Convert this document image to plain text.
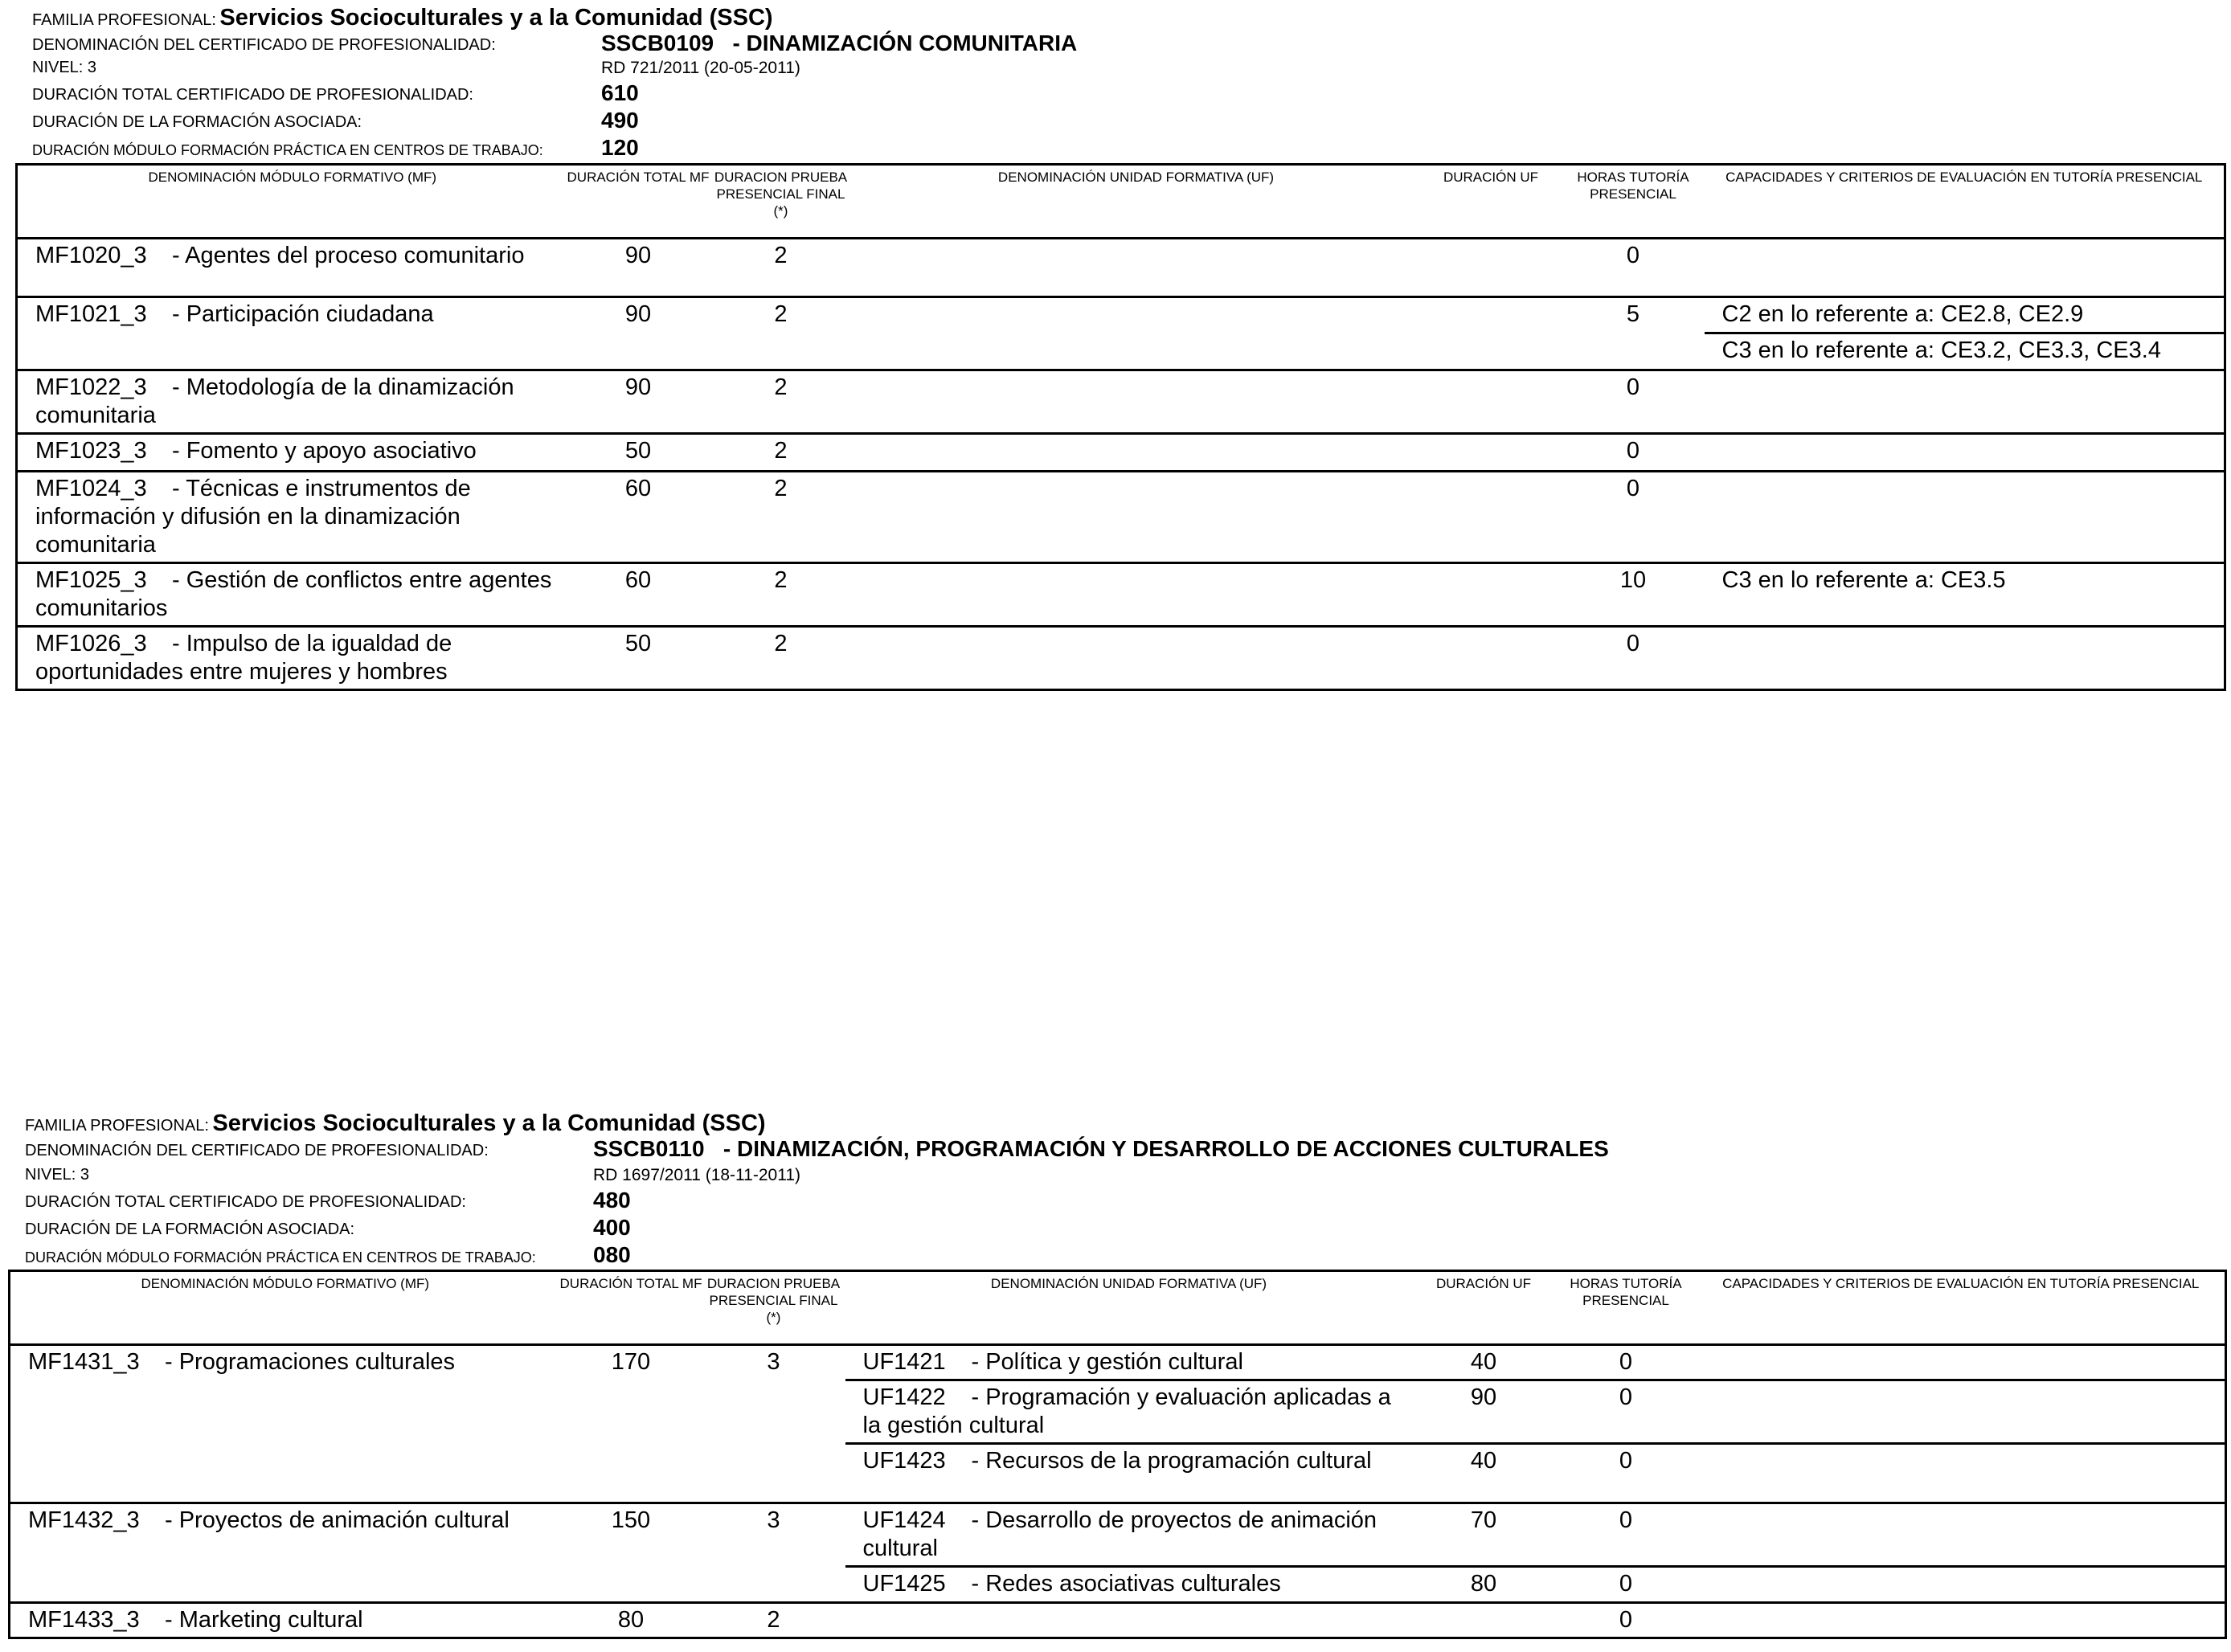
FAMILIA PROFESIONAL: Servicios Socioculturales y a la Comunidad (SSC)
DENOMINACIÓN DEL CERTIFICADO DE PROFESIONALIDAD:	SSCB0109 - DINAMIZACIÓN COMUNITARIA
NIVEL: 3	RD 721/2011 (20-05-2011)
DURACIÓN TOTAL CERTIFICADO DE PROFESIONALIDAD:	610
DURACIÓN DE LA FORMACIÓN ASOCIADA:	490
DURACIÓN MÓDULO FORMACIÓN PRÁCTICA EN CENTROS DE TRABAJO:	120
DENOMINACIÓN MÓDULO FORMATIVO (MF)	DURACIÓN TOTAL MF	DURACION PRUEBA PRESENCIAL FINAL (*)	DENOMINACIÓN UNIDAD FORMATIVA (UF)	DURACIÓN UF	HORAS TUTORÍA PRESENCIAL	CAPACIDADES Y CRITERIOS DE EVALUACIÓN EN TUTORÍA PRESENCIAL
MF1020_3 - Agentes del proceso comunitario	90	2			0	
MF1021_3 - Participación ciudadana	90	2			5	C2 en lo referente a: CE2.8, CE2.9
						C3 en lo referente a: CE3.2, CE3.3, CE3.4
MF1022_3 - Metodología de la dinamización comunitaria	90	2			0	
MF1023_3 - Fomento y apoyo asociativo	50	2			0	
MF1024_3 - Técnicas e instrumentos de información y difusión en la dinamización comunitaria	60	2			0	
MF1025_3 - Gestión de conflictos entre agentes comunitarios	60	2			10	C3 en lo referente a: CE3.5
MF1026_3 - Impulso de la igualdad de oportunidades entre mujeres y hombres	50	2			0	
FAMILIA PROFESIONAL: Servicios Socioculturales y a la Comunidad (SSC)
DENOMINACIÓN DEL CERTIFICADO DE PROFESIONALIDAD:	SSCB0110 - DINAMIZACIÓN, PROGRAMACIÓN Y DESARROLLO DE ACCIONES CULTURALES
NIVEL: 3	RD 1697/2011 (18-11-2011)
DURACIÓN TOTAL CERTIFICADO DE PROFESIONALIDAD:	480
DURACIÓN DE LA FORMACIÓN ASOCIADA:	400
DURACIÓN MÓDULO FORMACIÓN PRÁCTICA EN CENTROS DE TRABAJO:	080
DENOMINACIÓN MÓDULO FORMATIVO (MF)	DURACIÓN TOTAL MF	DURACION PRUEBA PRESENCIAL FINAL (*)	DENOMINACIÓN UNIDAD FORMATIVA (UF)	DURACIÓN UF	HORAS TUTORÍA PRESENCIAL	CAPACIDADES Y CRITERIOS DE EVALUACIÓN EN TUTORÍA PRESENCIAL
MF1431_3 - Programaciones culturales	170	3	UF1421 - Política y gestión cultural	40	0	
			UF1422 - Programación y evaluación aplicadas a la gestión cultural	90	0	
			UF1423 - Recursos de la programación cultural	40	0	
MF1432_3 - Proyectos de animación cultural	150	3	UF1424 - Desarrollo de proyectos de animación cultural	70	0	
			UF1425 - Redes asociativas culturales	80	0	
MF1433_3 - Marketing cultural	80	2			0	
